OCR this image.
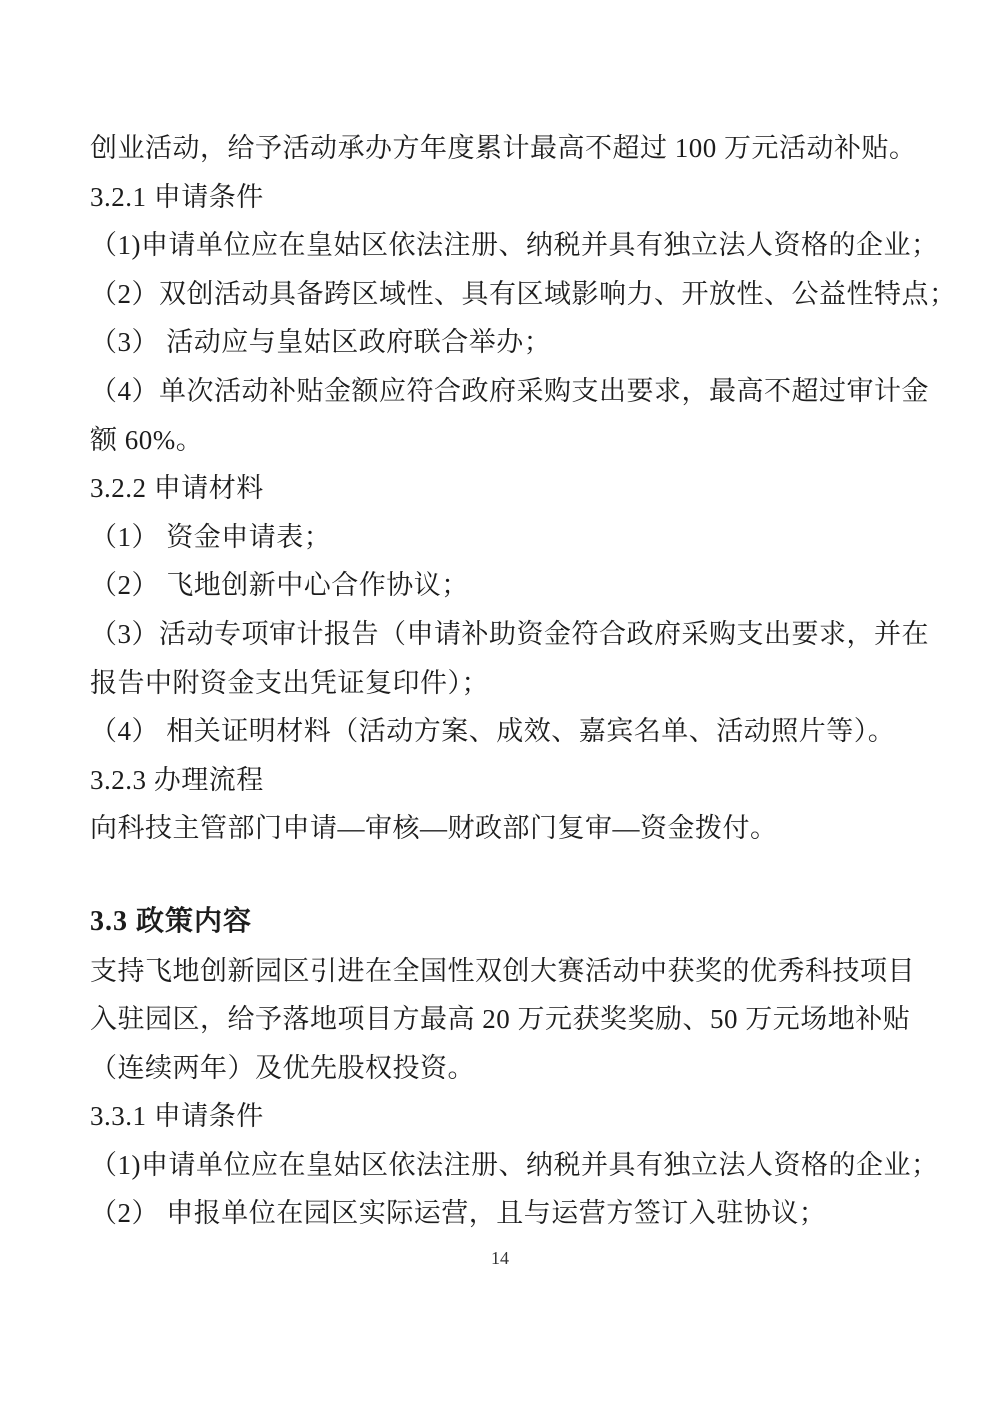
创业活动，给予活动承办方年度累计最高不超过 100 万元活动补贴。

3.2.1 申请条件

（1)申请单位应在皇姑区依法注册、纳税并具有独立法人资格的企业；

（2）双创活动具备跨区域性、具有区域影响力、开放性、公益性特点；

（3） 活动应与皇姑区政府联合举办；

（4）单次活动补贴金额应符合政府采购支出要求，最高不超过审计金

额 60%。

3.2.2 申请材料

（1） 资金申请表；

（2） 飞地创新中心合作协议；

（3）活动专项审计报告（申请补助资金符合政府采购支出要求，并在

报告中附资金支出凭证复印件）；

（4） 相关证明材料（活动方案、成效、嘉宾名单、活动照片等）。

3.2.3 办理流程

向科技主管部门申请—审核—财政部门复审—资金拨付。

3.3 政策内容

支持飞地创新园区引进在全国性双创大赛活动中获奖的优秀科技项目

入驻园区，给予落地项目方最高 20 万元获奖奖励、50 万元场地补贴

（连续两年）及优先股权投资。

3.3.1 申请条件

（1)申请单位应在皇姑区依法注册、纳税并具有独立法人资格的企业；

（2） 申报单位在园区实际运营，且与运营方签订入驻协议；

14
